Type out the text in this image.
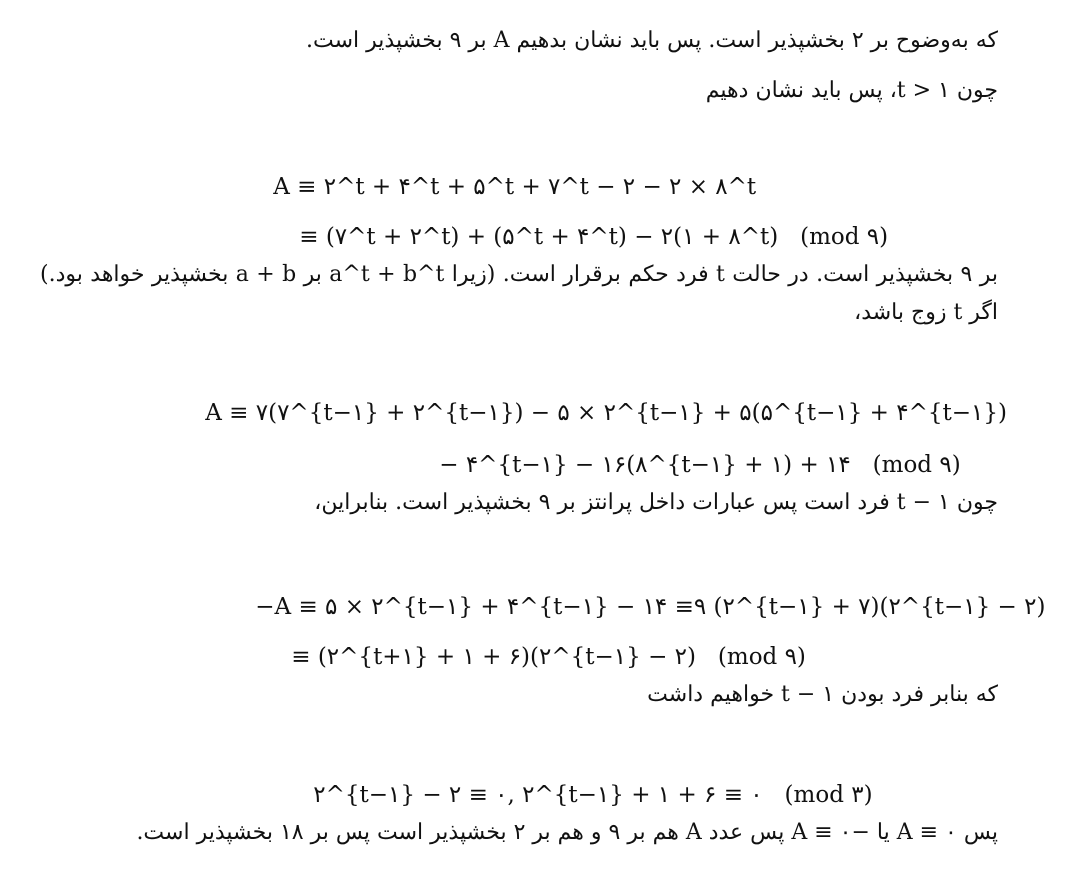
که به‌وضوح بر ۲ بخشپذیر است. پس باید نشان بدهیم A بر ۹ بخشپذیر است.
چون t > ۱، پس باید نشان دهیم

A ≡ ۲^t + ۴^t + ۵^t + ۷^t − ۲ − ۲ × ۸^t

≡ (۷^t + ۲^t) + (۵^t + ۴^t) − ۲(۱ + ۸^t)   (mod ۹)

بر ۹ بخشپذیر است. در حالت t فرد حکم برقرار است. (زیرا a^t + b^t بر a + b بخشپذیر خواهد بود.) اگر t زوج باشد،

A ≡ ۷(۷^{t−۱} + ۲^{t−۱}) − ۵ × ۲^{t−۱} + ۵(۵^{t−۱} + ۴^{t−۱})

− ۴^{t−۱} − ۱۶(۸^{t−۱} + ۱) + ۱۴   (mod ۹)

چون t − ۱ فرد است پس عبارات داخل پرانتز بر ۹ بخشپذیر است. بنابراین،

−A ≡ ۵ × ۲^{t−۱} + ۴^{t−۱} − ۱۴ ≡۹ (۲^{t−۱} + ۷)(۲^{t−۱} − ۲)

≡ (۲^{t+۱} + ۱ + ۶)(۲^{t−۱} − ۲)   (mod ۹)

که بنابر فرد بودن t − ۱ خواهیم داشت

۲^{t−۱} − ۲ ≡ ۰, ۲^{t−۱} + ۱ + ۶ ≡ ۰   (mod ۳)

پس A ≡ ۰ یا −A ≡ ۰ پس عدد A هم بر ۹ و هم بر ۲ بخشپذیر است پس بر ۱۸ بخشپذیر است.
